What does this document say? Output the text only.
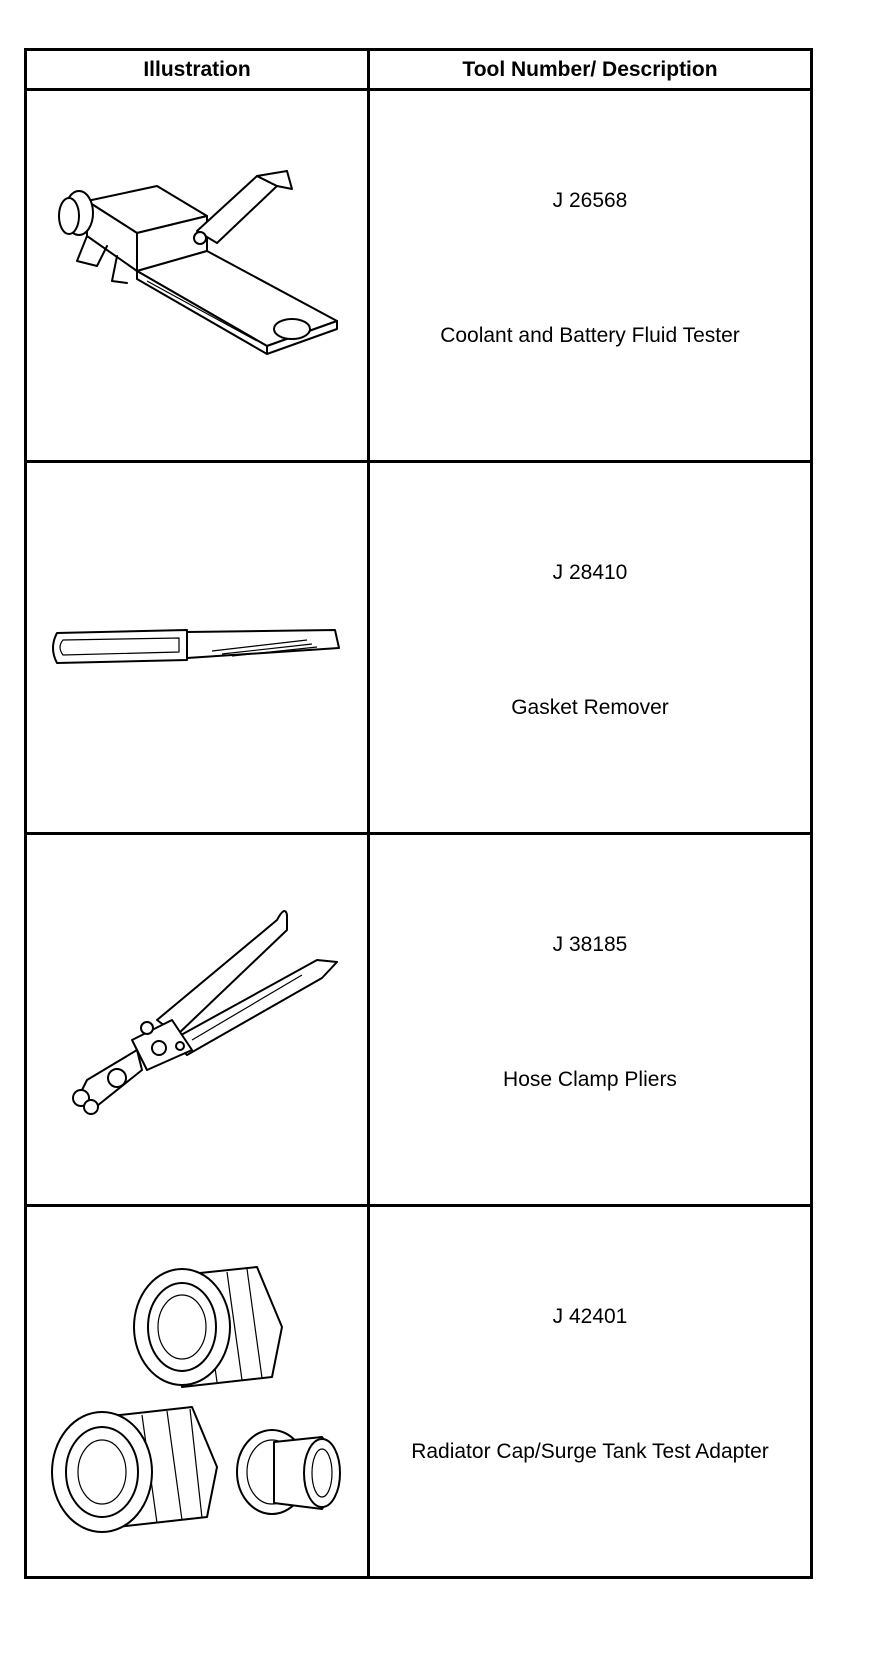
Illustration	Tool Number/ Description

J 26568
Coolant and Battery Fluid Tester

J 28410
Gasket Remover

J 38185
Hose Clamp Pliers

J 42401
Radiator Cap/Surge Tank Test Adapter
